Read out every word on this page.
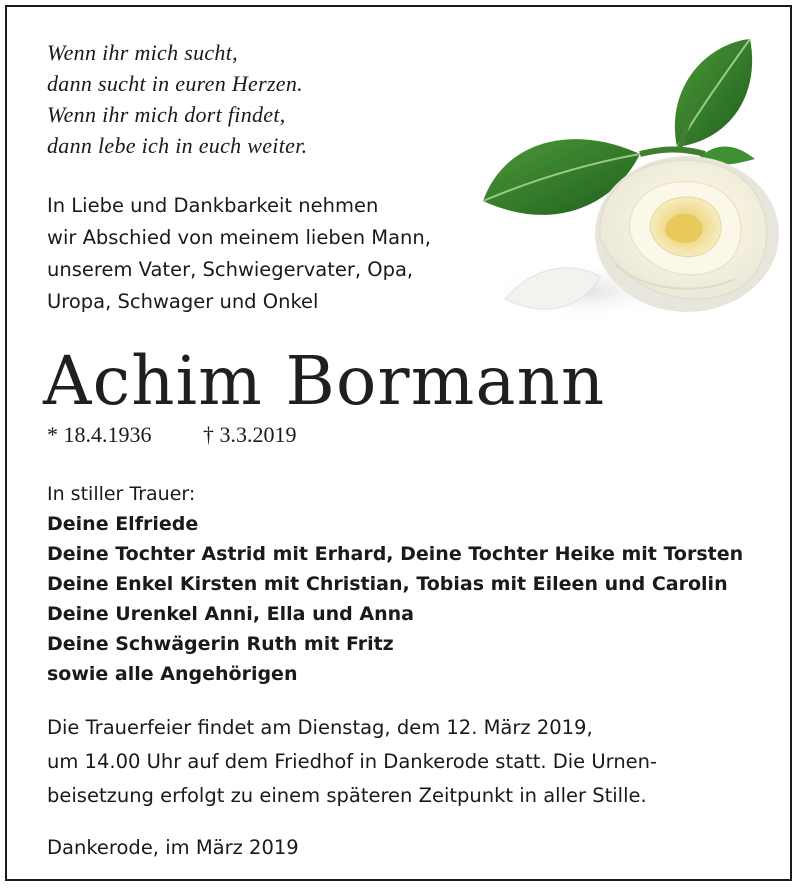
Wenn ihr mich sucht,
dann sucht in euren Herzen.
Wenn ihr mich dort findet,
dann lebe ich in euch weiter.
In Liebe und Dankbarkeit nehmen
wir Abschied von meinem lieben Mann,
unserem Vater, Schwiegervater, Opa,
Uropa, Schwager und Onkel
Achim Bormann
* 18.4.1936 † 3.3.2019
In stiller Trauer:
Deine Elfriede
Deine Tochter Astrid mit Erhard, Deine Tochter Heike mit Torsten
Deine Enkel Kirsten mit Christian, Tobias mit Eileen und Carolin
Deine Urenkel Anni, Ella und Anna
Deine Schwägerin Ruth mit Fritz
sowie alle Angehörigen
Die Trauerfeier findet am Dienstag, dem 12. März 2019,
um 14.00 Uhr auf dem Friedhof in Dankerode statt. Die Urnen-
beisetzung erfolgt zu einem späteren Zeitpunkt in aller Stille.
Dankerode, im März 2019
